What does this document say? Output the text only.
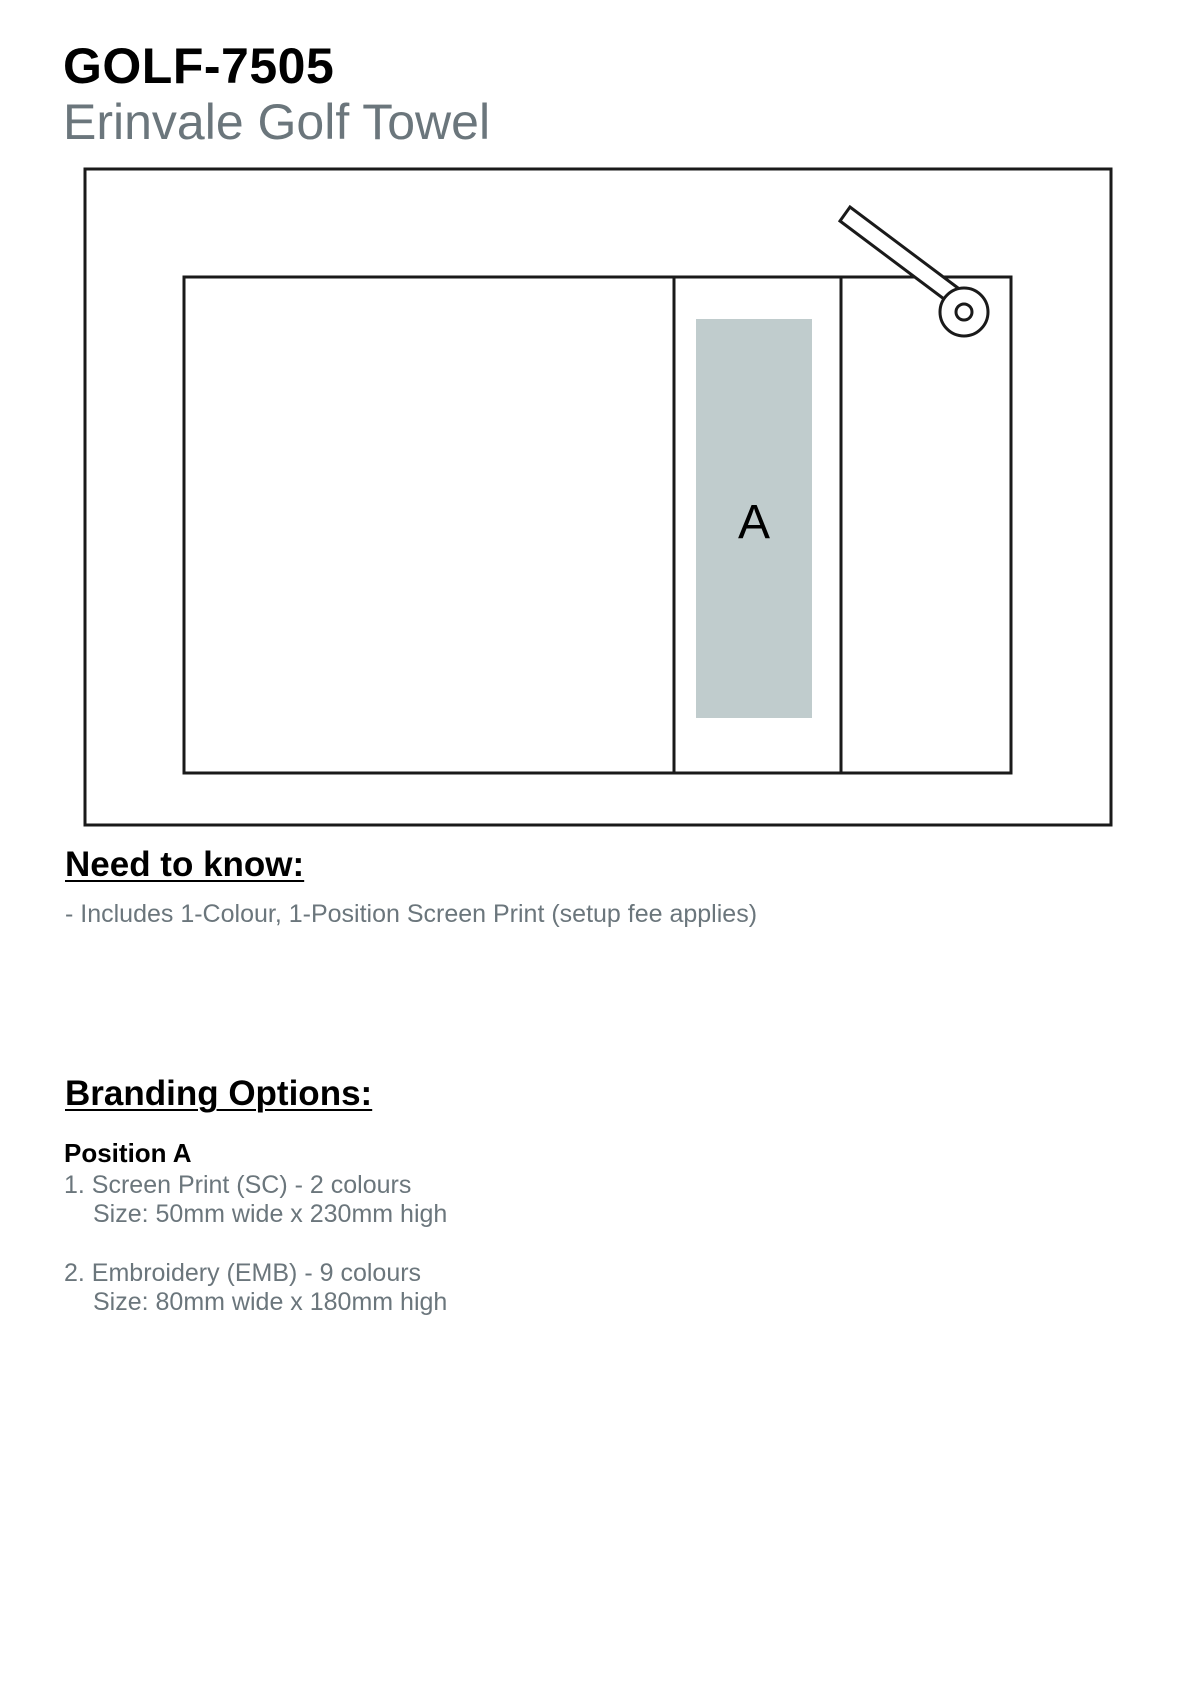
GOLF-7505
Erinvale Golf Towel
A
Need to know:
- Includes 1-Colour, 1-Position Screen Print (setup fee applies)
Branding Options:
Position A
1. Screen Print (SC) - 2 colours
Size: 50mm wide x 230mm high
2. Embroidery (EMB) - 9 colours
Size: 80mm wide x 180mm high
